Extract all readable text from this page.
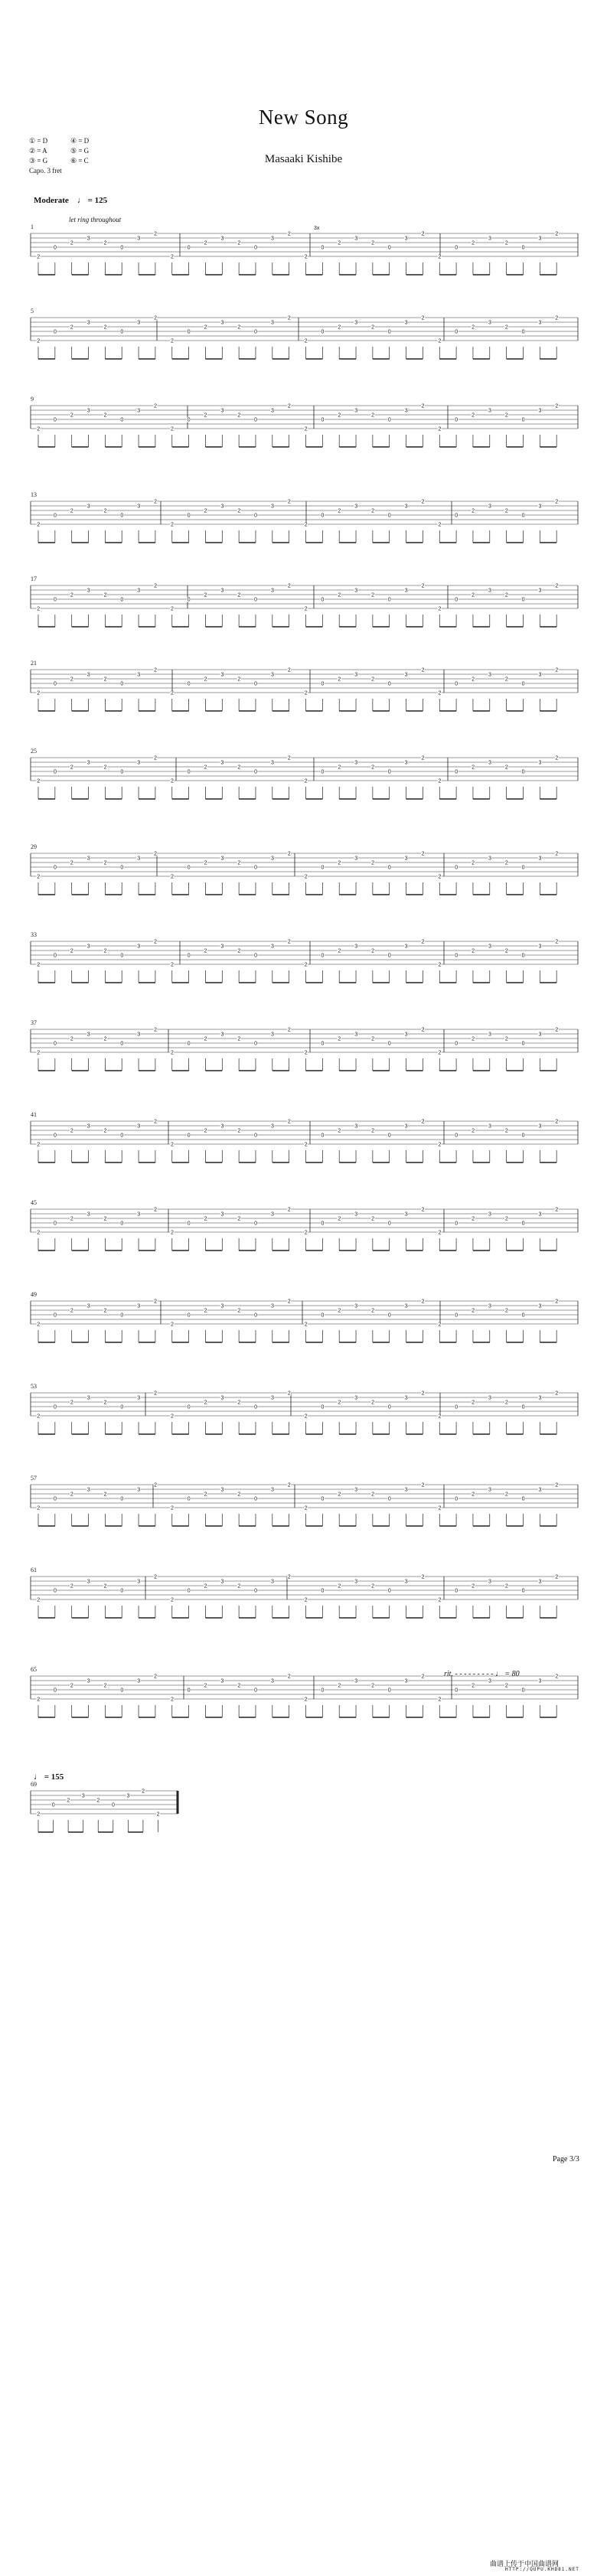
New Song
Masaaki Kishibe
① = D	④ = D
② = A	⑤ = G
③ = G	⑥ = C
Capo. 3 fret
Moderate ♩ = 125
let ring throughout
rit. - - - - - - - - - ♩ = 80
♩ = 155
1
2
0
2
3
2
0
3
2
2
0
2
3
2
0
3
2
2
0
2
3
2
0
3
2
2
0
2
3
2
0
3
2
5
2
0
2
3
2
0
3
2
2
0
2
3
2
0
3
2
2
0
2
3
2
0
3
2
2
0
2
3
2
0
3
2
9
2
0
2
3
2
0
3
2
2
0
2
3
2
0
3
2
2
0
2
3
2
0
3
2
2
0
2
3
2
0
3
2
13
2
0
2
3
2
0
3
2
2
0
2
3
2
0
3
2
2
0
2
3
2
0
3
2
2
0
2
3
2
0
3
2
17
2
0
2
3
2
0
3
2
2
0
2
3
2
0
3
2
2
0
2
3
2
0
3
2
2
0
2
3
2
0
3
2
21
2
0
2
3
2
0
3
2
2
0
2
3
2
0
3
2
2
0
2
3
2
0
3
2
2
0
2
3
2
0
3
2
25
2
0
2
3
2
0
3
2
2
0
2
3
2
0
3
2
2
0
2
3
2
0
3
2
2
0
2
3
2
0
3
2
29
2
0
2
3
2
0
3
2
2
0
2
3
2
0
3
2
2
0
2
3
2
0
3
2
2
0
2
3
2
0
3
2
33
2
0
2
3
2
0
3
2
2
0
2
3
2
0
3
2
2
0
2
3
2
0
3
2
2
0
2
3
2
0
3
2
37
2
0
2
3
2
0
3
2
2
0
2
3
2
0
3
2
2
0
2
3
2
0
3
2
2
0
2
3
2
0
3
2
41
2
0
2
3
2
0
3
2
2
0
2
3
2
0
3
2
2
0
2
3
2
0
3
2
2
0
2
3
2
0
3
2
45
2
0
2
3
2
0
3
2
2
0
2
3
2
0
3
2
2
0
2
3
2
0
3
2
2
0
2
3
2
0
3
2
49
2
0
2
3
2
0
3
2
2
0
2
3
2
0
3
2
2
0
2
3
2
0
3
2
2
0
2
3
2
0
3
2
53
2
0
2
3
2
0
3
2
2
0
2
3
2
0
3
2
2
0
2
3
2
0
3
2
2
0
2
3
2
0
3
2
57
2
0
2
3
2
0
3
2
2
0
2
3
2
0
3
2
2
0
2
3
2
0
3
2
2
0
2
3
2
0
3
2
61
2
0
2
3
2
0
3
2
2
0
2
3
2
0
3
2
2
0
2
3
2
0
3
2
2
0
2
3
2
0
3
2
65
2
0
2
3
2
0
3
2
2
0
2
3
2
0
3
2
2
0
2
3
2
0
3
2
2
0
2
3
2
0
3
2
69
2
0
2
3
2
0
3
2
2
3x
Page 3/3
曲谱上传于中国曲谱网
HTTP://QUPU.KHD81.NET
